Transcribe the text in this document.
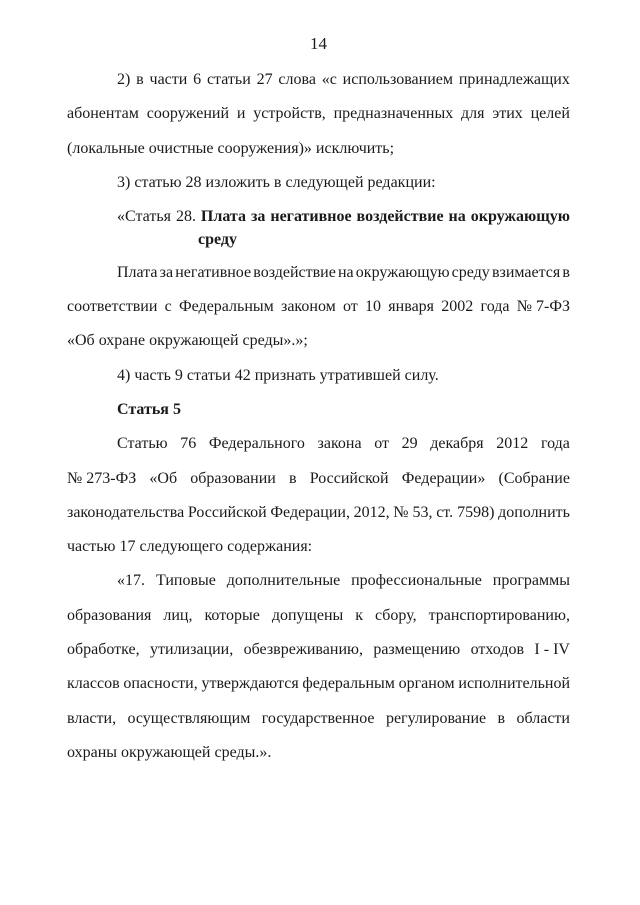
14
2) в части 6 статьи 27 слова «с использованием принадлежащих
абонентам сооружений и устройств, предназначенных для этих целей
(локальные очистные сооружения)» исключить;
3) статью 28 изложить в следующей редакции:
«Статья 28. Плата за негативное воздействие на окружающую
среду
Плата за негативное воздействие на окружающую среду взимается в
соответствии с Федеральным законом от 10 января 2002 года № 7-ФЗ
«Об охране окружающей среды».»;
4) часть 9 статьи 42 признать утратившей силу.
Статья 5
Статью 76 Федерального закона от 29 декабря 2012 года
№ 273-ФЗ «Об образовании в Российской Федерации» (Собрание
законодательства Российской Федерации, 2012, № 53, ст. 7598) дополнить
частью 17 следующего содержания:
«17. Типовые дополнительные профессиональные программы
образования лиц, которые допущены к сбору, транспортированию,
обработке, утилизации, обезвреживанию, размещению отходов I - IV
классов опасности, утверждаются федеральным органом исполнительной
власти, осуществляющим государственное регулирование в области
охраны окружающей среды.».
